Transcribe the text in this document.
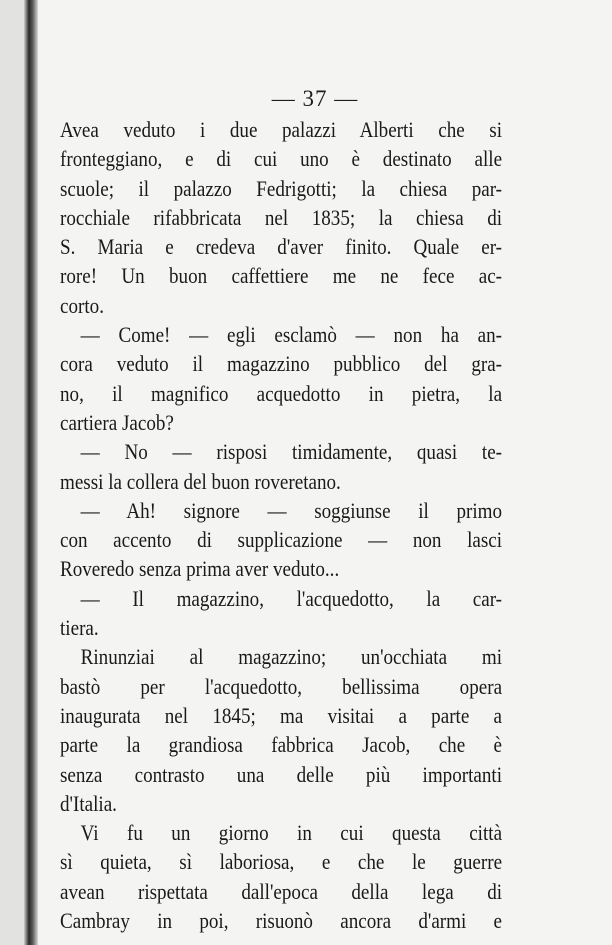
— 37 —
Avea veduto i due palazzi Alberti che si
fronteggiano, e di cui uno è destinato alle
scuole; il palazzo Fedrigotti; la chiesa par-
rocchiale rifabbricata nel 1835; la chiesa di
S. Maria e credeva d'aver finito. Quale er-
rore! Un buon caffettiere me ne fece ac-
corto.
— Come! — egli esclamò — non ha an-
cora veduto il magazzino pubblico del gra-
no, il magnifico acquedotto in pietra, la
cartiera Jacob?
— No — risposi timidamente, quasi te-
messi la collera del buon roveretano.
— Ah! signore — soggiunse il primo
con accento di supplicazione — non lasci
Roveredo senza prima aver veduto...
— Il magazzino, l'acquedotto, la car-
tiera.
Rinunziai al magazzino; un'occhiata mi
bastò per l'acquedotto, bellissima opera
inaugurata nel 1845; ma visitai a parte a
parte la grandiosa fabbrica Jacob, che è
senza contrasto una delle più importanti
d'Italia.
Vi fu un giorno in cui questa città
sì quieta, sì laboriosa, e che le guerre
avean rispettata dall'epoca della lega di
Cambray in poi, risuonò ancora d'armi e
